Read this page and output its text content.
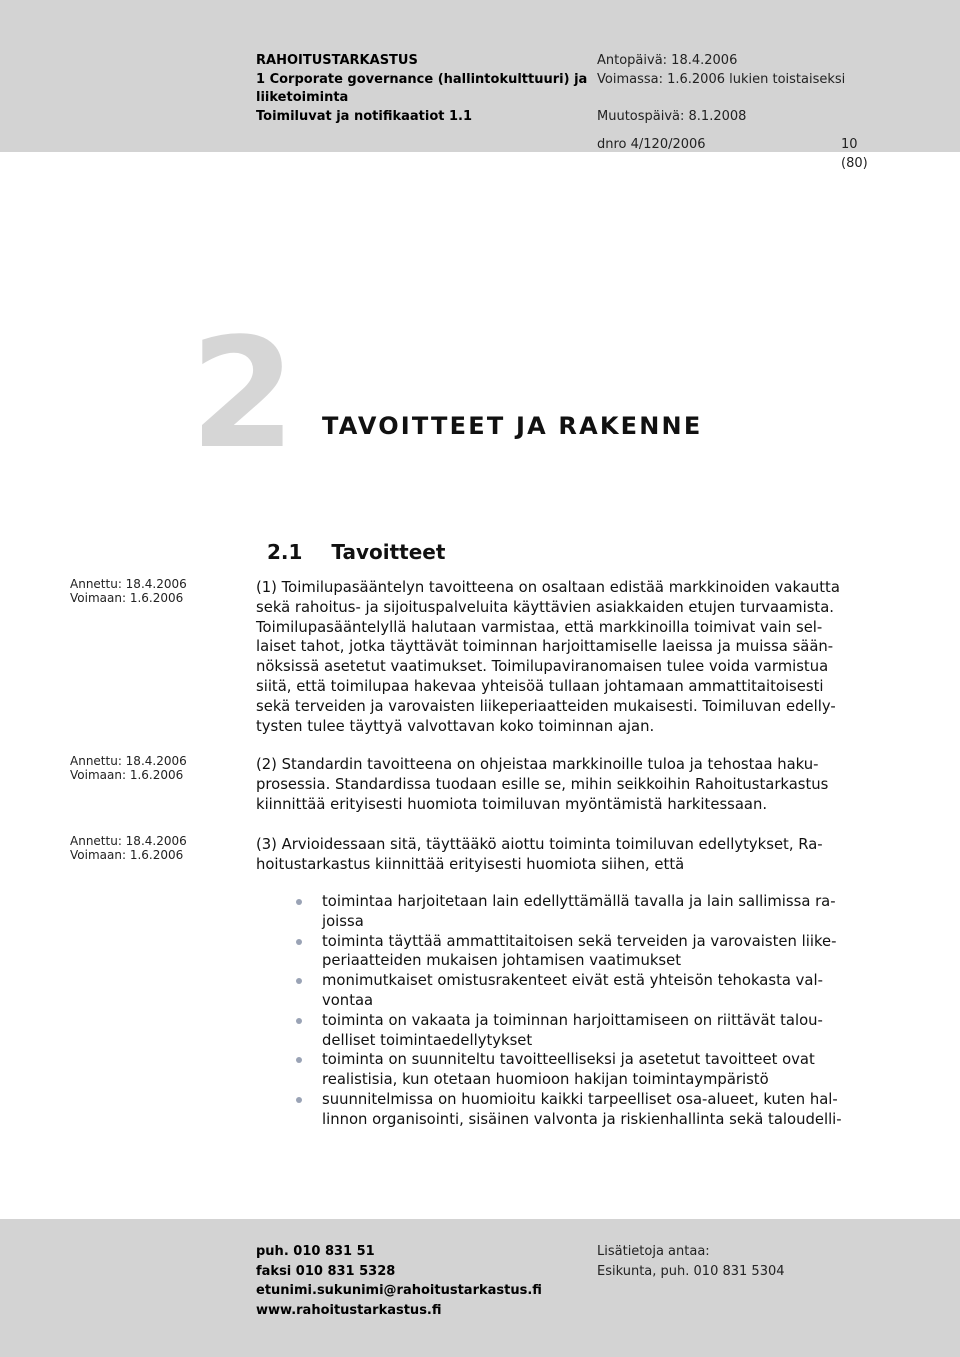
RAHOITUSTARKASTUS
1 Corporate governance (hallintokulttuuri) ja
liiketoiminta
Toimiluvat ja notifikaatiot 1.1
Antopäivä: 18.4.2006
Voimassa: 1.6.2006 lukien toistaiseksi

Muutospäivä: 8.1.2008
dnro 4/120/2006	10 (80)
2 TAVOITTEET JA RAKENNE
2.1 Tavoitteet
Annettu: 18.4.2006
Voimaan: 1.6.2006
Annettu: 18.4.2006
Voimaan: 1.6.2006
Annettu: 18.4.2006
Voimaan: 1.6.2006
(1) Toimilupasääntelyn tavoitteena on osaltaan edistää markkinoiden vakautta
sekä rahoitus- ja sijoituspalveluita käyttävien asiakkaiden etujen turvaamista.
Toimilupasääntelyllä halutaan varmistaa, että markkinoilla toimivat vain sel-
laiset tahot, jotka täyttävät toiminnan harjoittamiselle laeissa ja muissa sään-
nöksissä asetetut vaatimukset. Toimilupaviranomaisen tulee voida varmistua
siitä, että toimilupaa hakevaa yhteisöä tullaan johtamaan ammattitaitoisesti
sekä terveiden ja varovaisten liikeperiaatteiden mukaisesti. Toimiluvan edelly-
tysten tulee täyttyä valvottavan koko toiminnan ajan.
(2) Standardin tavoitteena on ohjeistaa markkinoille tuloa ja tehostaa haku-
prosessia. Standardissa tuodaan esille se, mihin seikkoihin Rahoitustarkastus
kiinnittää erityisesti huomiota toimiluvan myöntämistä harkitessaan.
(3) Arvioidessaan sitä, täyttääkö aiottu toiminta toimiluvan edellytykset, Ra-
hoitustarkastus kiinnittää erityisesti huomiota siihen, että
toimintaa harjoitetaan lain edellyttämällä tavalla ja lain sallimissa ra-
joissa
toiminta täyttää ammattitaitoisen sekä terveiden ja varovaisten liike-
periaatteiden mukaisen johtamisen vaatimukset
monimutkaiset omistusrakenteet eivät estä yhteisön tehokasta val-
vontaa
toiminta on vakaata ja toiminnan harjoittamiseen on riittävät talou-
delliset toimintaedellytykset
toiminta on suunniteltu tavoitteelliseksi ja asetetut tavoitteet ovat
realistisia, kun otetaan huomioon hakijan toimintaympäristö
suunnitelmissa on huomioitu kaikki tarpeelliset osa-alueet, kuten hal-
linnon organisointi, sisäinen valvonta ja riskienhallinta sekä taloudelli-
puh. 010 831 51
faksi 010 831 5328
etunimi.sukunimi@rahoitustarkastus.fi
www.rahoitustarkastus.fi
Lisätietoja antaa:
Esikunta, puh. 010 831 5304
